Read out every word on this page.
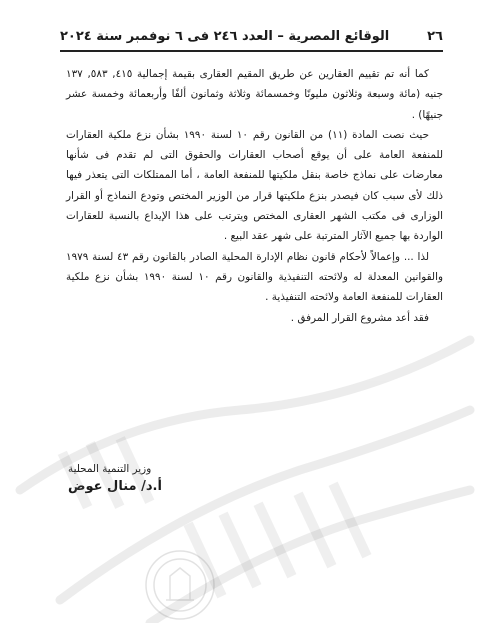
٢٦
الوقائع المصرية – العدد ٢٤٦ فى ٦ نوفمبر سنة ٢٠٢٤

كما أنه تم تقييم العقارين عن طريق المقيم العقارى بقيمة إجمالية ٤١٥, ٥٨٣, ١٣٧ جنيه (مائة وسبعة وثلاثون مليونًا وخمسمائة وثلاثة وثمانون ألفًا وأربعمائة وخمسة عشر جنيهًا) .

حيث نصت المادة (١١) من القانون رقم ١٠ لسنة ١٩٩٠ بشأن نزع ملكية العقارات للمنفعة العامة على أن يوقع أصحاب العقارات والحقوق التى لم تقدم فى شأنها معارضات على نماذج خاصة بنقل ملكيتها للمنفعة العامة ، أما الممتلكات التى يتعذر فيها ذلك لأى سبب كان فيصدر بنزع ملكيتها قرار من الوزير المختص وتودع النماذج أو القرار الوزارى فى مكتب الشهر العقارى المختص ويترتب على هذا الإيداع بالنسبة للعقارات الواردة بها جميع الآثار المترتبة على شهر عقد البيع .

لذا ... وإعمالاً لأحكام قانون نظام الإدارة المحلية الصادر بالقانون رقم ٤٣ لسنة ١٩٧٩ والقوانين المعدلة له ولائحته التنفيذية والقانون رقم ١٠ لسنة ١٩٩٠ بشأن نزع ملكية العقارات للمنفعة العامة ولائحته التنفيذية .

فقد أعد مشروع القرار المرفق .

وزير التنمية المحلية
أ.د/ منال عوض
